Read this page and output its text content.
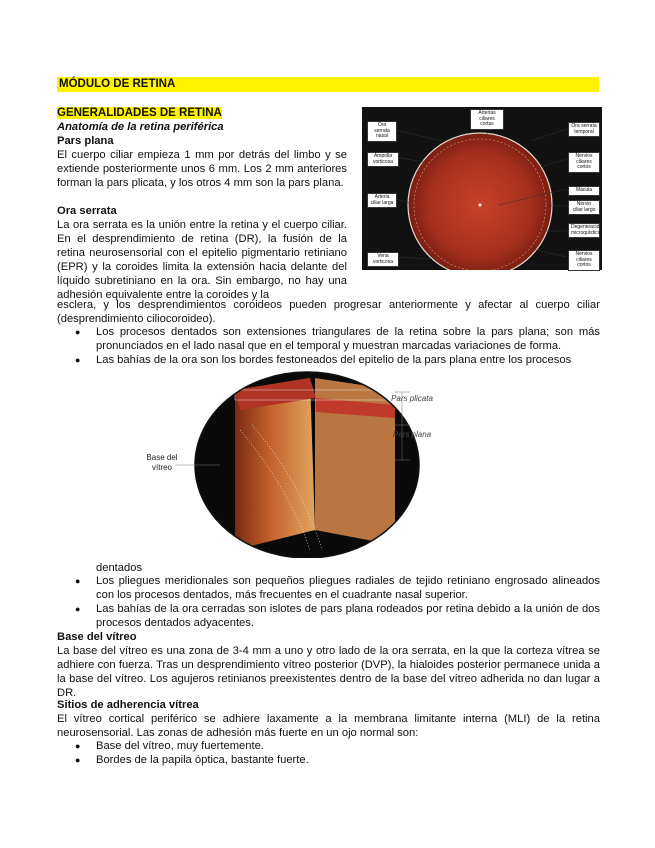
MÓDULO DE RETINA
GENERALIDADES DE RETINA
Anatomía de la retina periférica
Pars plana

El cuerpo ciliar empieza 1 mm por detrás del limbo y se extiende posteriormente unos 6 mm. Los 2 mm anteriores forman la pars plicata, y los otros 4 mm son la pars plana.

Ora serrata

La ora serrata es la unión entre la retina y el cuerpo ciliar. En el desprendimiento de retina (DR), la fusión de la retina neurosensorial con el epitelio pigmentario retiniano (EPR) y la coroides limita la extensión hacia delante del líquido subretiniano en la ora. Sin embargo, no hay una adhesión equivalente entre la coroides y la

esclera, y los desprendimientos coroideos pueden progresar anteriormente y afectar al cuerpo ciliar (desprendimiento ciliocoroideo).

Ora serrata nasal
Ampolla vorticosa
Arteria ciliar larga
Vena vorticosa
Arterias ciliares cortas	Ora serrata temporal
Nervios ciliares cortos
Mácula
Nervio ciliar largo
Degeneración microquística
Nervios ciliares cortos
● Los procesos dentados son extensiones triangulares de la retina sobre la pars plana; son más pronunciados en el lado nasal que en el temporal y muestran marcadas variaciones de forma.
● Las bahías de la ora son los bordes festoneados del epitelio de la pars plana entre los procesos
Pars plicata
Pars plana
Base del vítreo
dentados
● Los pliegues meridionales son pequeños pliegues radiales de tejido retiniano engrosado alineados con los procesos dentados, más frecuentes en el cuadrante nasal superior.
● Las bahías de la ora cerradas son islotes de pars plana rodeados por retina debido a la unión de dos procesos dentados adyacentes.
Base del vítreo

La base del vítreo es una zona de 3-4 mm a uno y otro lado de la ora serrata, en la que la corteza vítrea se adhiere con fuerza. Tras un desprendimiento vítreo posterior (DVP), la hialoides posterior permanece unida a la base del vítreo. Los agujeros retinianos preexistentes dentro de la base del vítreo adherida no dan lugar a DR.

Sitios de adherencia vítrea

El vítreo cortical periférico se adhiere laxamente a la membrana limitante interna (MLI) de la retina neurosensorial. Las zonas de adhesión más fuerte en un ojo normal son:

● Base del vítreo, muy fuertemente.
● Bordes de la papila óptica, bastante fuerte.
